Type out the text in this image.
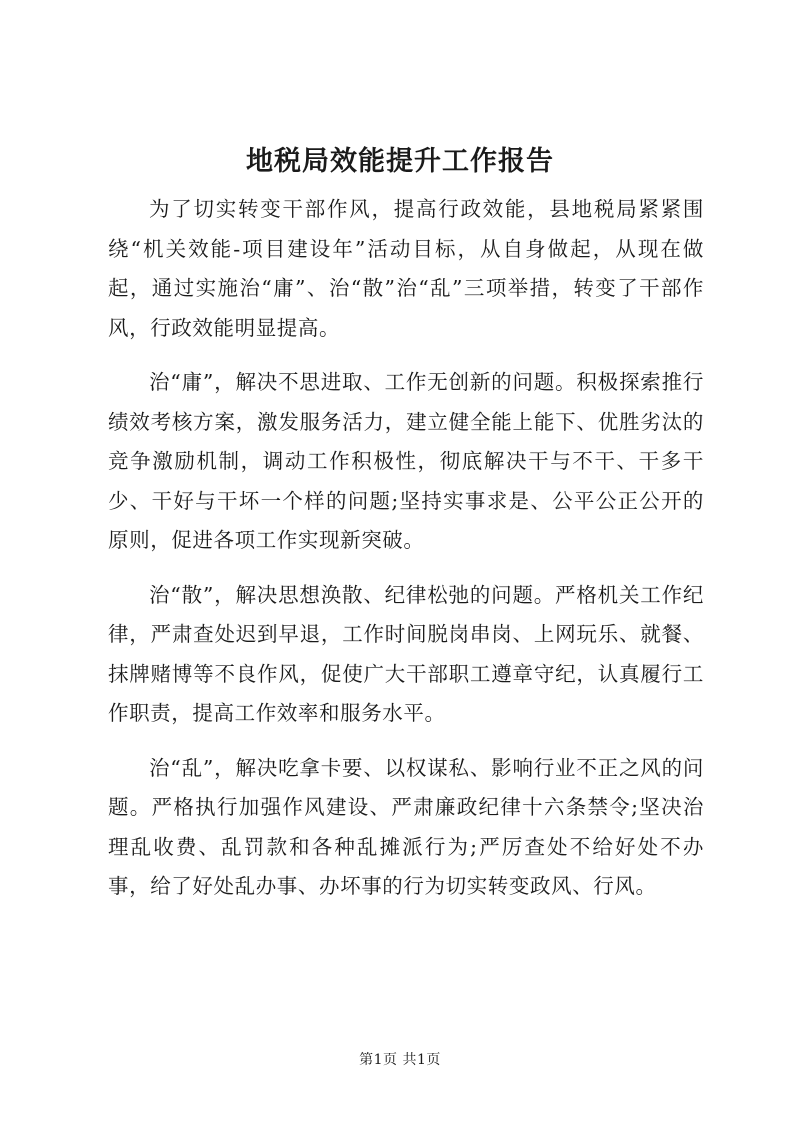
地税局效能提升工作报告

为了切实转变干部作风，提高行政效能，县地税局紧紧围绕“机关效能-项目建设年”活动目标，从自身做起，从现在做起，通过实施治“庸”、治“散”治“乱”三项举措，转变了干部作风，行政效能明显提高。

治“庸”，解决不思进取、工作无创新的问题。积极探索推行绩效考核方案，激发服务活力，建立健全能上能下、优胜劣汰的竞争激励机制，调动工作积极性，彻底解决干与不干、干多干少、干好与干坏一个样的问题;坚持实事求是、公平公正公开的原则，促进各项工作实现新突破。

治“散”，解决思想涣散、纪律松弛的问题。严格机关工作纪律，严肃查处迟到早退，工作时间脱岗串岗、上网玩乐、就餐、抹牌赌博等不良作风，促使广大干部职工遵章守纪，认真履行工作职责，提高工作效率和服务水平。

治“乱”，解决吃拿卡要、以权谋私、影响行业不正之风的问题。严格执行加强作风建设、严肃廉政纪律十六条禁令;坚决治理乱收费、乱罚款和各种乱摊派行为;严厉查处不给好处不办事，给了好处乱办事、办坏事的行为切实转变政风、行风。

第1页 共1页
